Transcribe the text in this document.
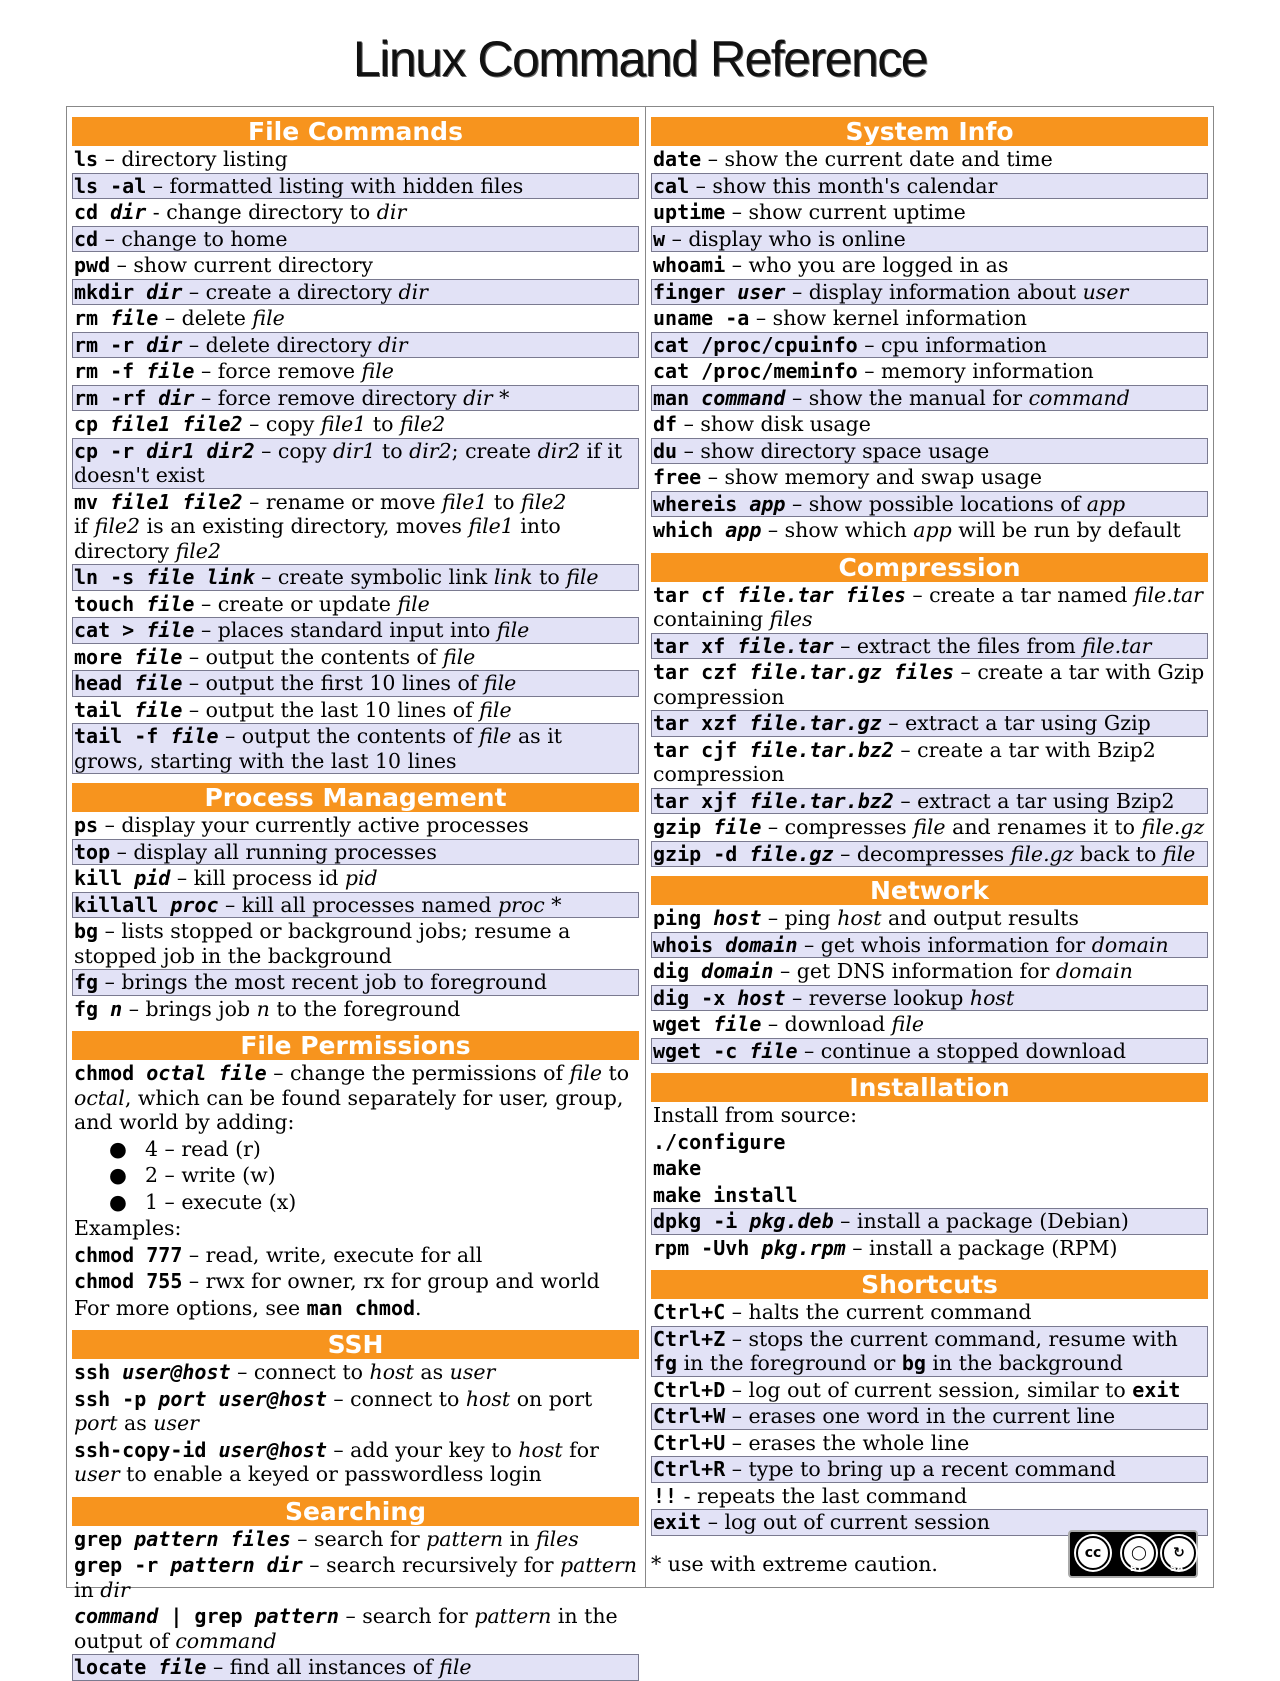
Linux Command Reference
File Commands
ls – directory listing
ls -al – formatted listing with hidden files
cd dir - change directory to dir
cd – change to home
pwd – show current directory
mkdir dir – create a directory dir
rm file – delete file
rm -r dir – delete directory dir
rm -f file – force remove file
rm -rf dir – force remove directory dir *
cp file1 file2 – copy file1 to file2
cp -r dir1 dir2 – copy dir1 to dir2; create dir2 if it doesn't exist
mv file1 file2 – rename or move file1 to file2
if file2 is an existing directory, moves file1 into directory file2
ln -s file link – create symbolic link link to file
touch file – create or update file
cat > file – places standard input into file
more file – output the contents of file
head file – output the first 10 lines of file
tail file – output the last 10 lines of file
tail -f file – output the contents of file as it grows, starting with the last 10 lines
Process Management
ps – display your currently active processes
top – display all running processes
kill pid – kill process id pid
killall proc – kill all processes named proc *
bg – lists stopped or background jobs; resume a stopped job in the background
fg – brings the most recent job to foreground
fg n – brings job n to the foreground
File Permissions
chmod octal file – change the permissions of file to octal, which can be found separately for user, group, and world by adding:
● 4 – read (r)
● 2 – write (w)
● 1 – execute (x)
Examples:
chmod 777 – read, write, execute for all
chmod 755 – rwx for owner, rx for group and world
For more options, see man chmod.
SSH
ssh user@host – connect to host as user
ssh -p port user@host – connect to host on port port as user
ssh-copy-id user@host – add your key to host for user to enable a keyed or passwordless login
Searching
grep pattern files – search for pattern in files
grep -r pattern dir – search recursively for pattern in dir
command | grep pattern – search for pattern in the output of command
locate file – find all instances of file
System Info
date – show the current date and time
cal – show this month's calendar
uptime – show current uptime
w – display who is online
whoami – who you are logged in as
finger user – display information about user
uname -a – show kernel information
cat /proc/cpuinfo – cpu information
cat /proc/meminfo – memory information
man command – show the manual for command
df – show disk usage
du – show directory space usage
free – show memory and swap usage
whereis app – show possible locations of app
which app – show which app will be run by default
Compression
tar cf file.tar files – create a tar named file.tar containing files
tar xf file.tar – extract the files from file.tar
tar czf file.tar.gz files – create a tar with Gzip compression
tar xzf file.tar.gz – extract a tar using Gzip
tar cjf file.tar.bz2 – create a tar with Bzip2 compression
tar xjf file.tar.bz2 – extract a tar using Bzip2
gzip file – compresses file and renames it to file.gz
gzip -d file.gz – decompresses file.gz back to file
Network
ping host – ping host and output results
whois domain – get whois information for domain
dig domain – get DNS information for domain
dig -x host – reverse lookup host
wget file – download file
wget -c file – continue a stopped download
Installation
Install from source:
./configure
make
make install
dpkg -i pkg.deb – install a package (Debian)
rpm -Uvh pkg.rpm – install a package (RPM)
Shortcuts
Ctrl+C – halts the current command
Ctrl+Z – stops the current command, resume with fg in the foreground or bg in the background
Ctrl+D – log out of current session, similar to exit
Ctrl+W – erases one word in the current line
Ctrl+U – erases the whole line
Ctrl+R – type to bring up a recent command
!! - repeats the last command
exit – log out of current session
* use with extreme caution.	cc	◯	↻
BY	SA
